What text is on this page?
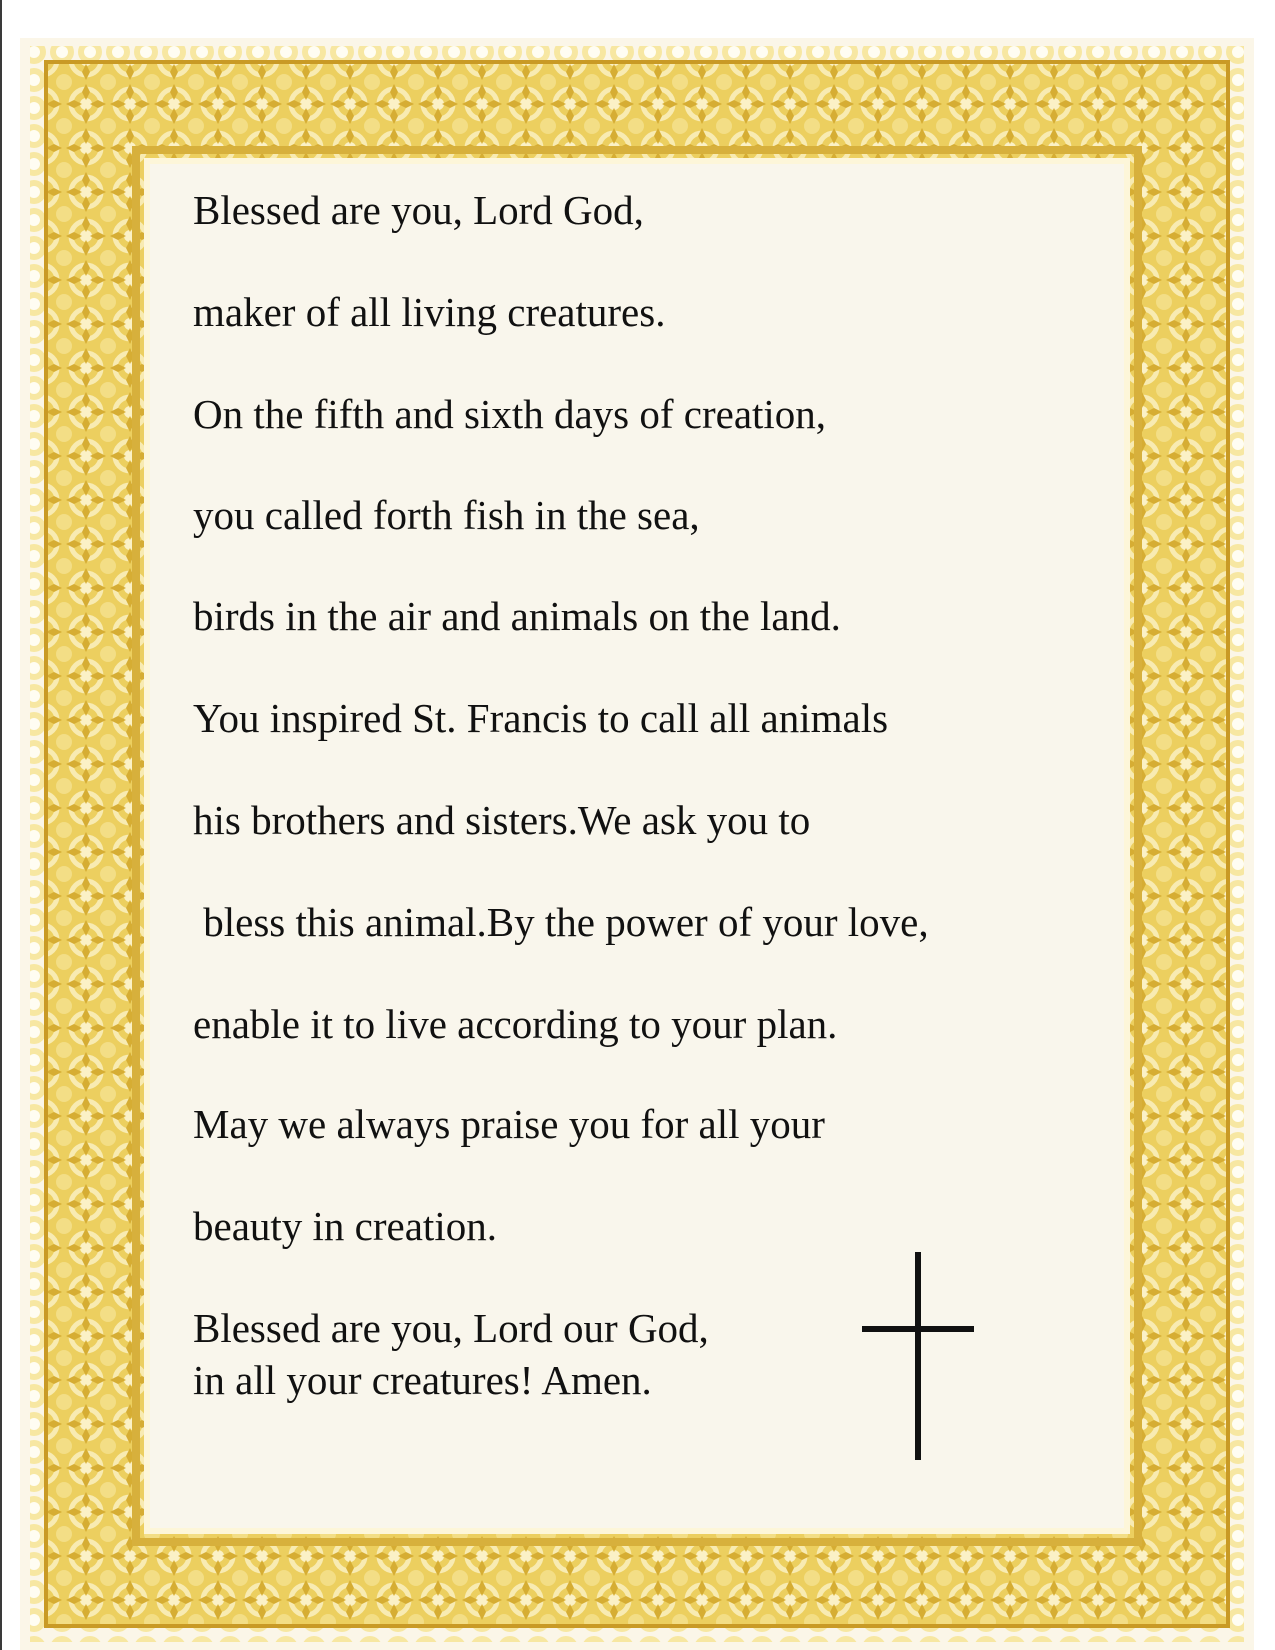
Blessed are you, Lord God,

maker of all living creatures.

On the fifth and sixth days of creation,

you called forth fish in the sea,

birds in the air and animals on the land.

You inspired St. Francis to call all animals

his brothers and sisters.We ask you to

bless this animal.By the power of your love,

enable it to live according to your plan.

May we always praise you for all your

beauty in creation.

Blessed are you, Lord our God,

in all your creatures! Amen.
